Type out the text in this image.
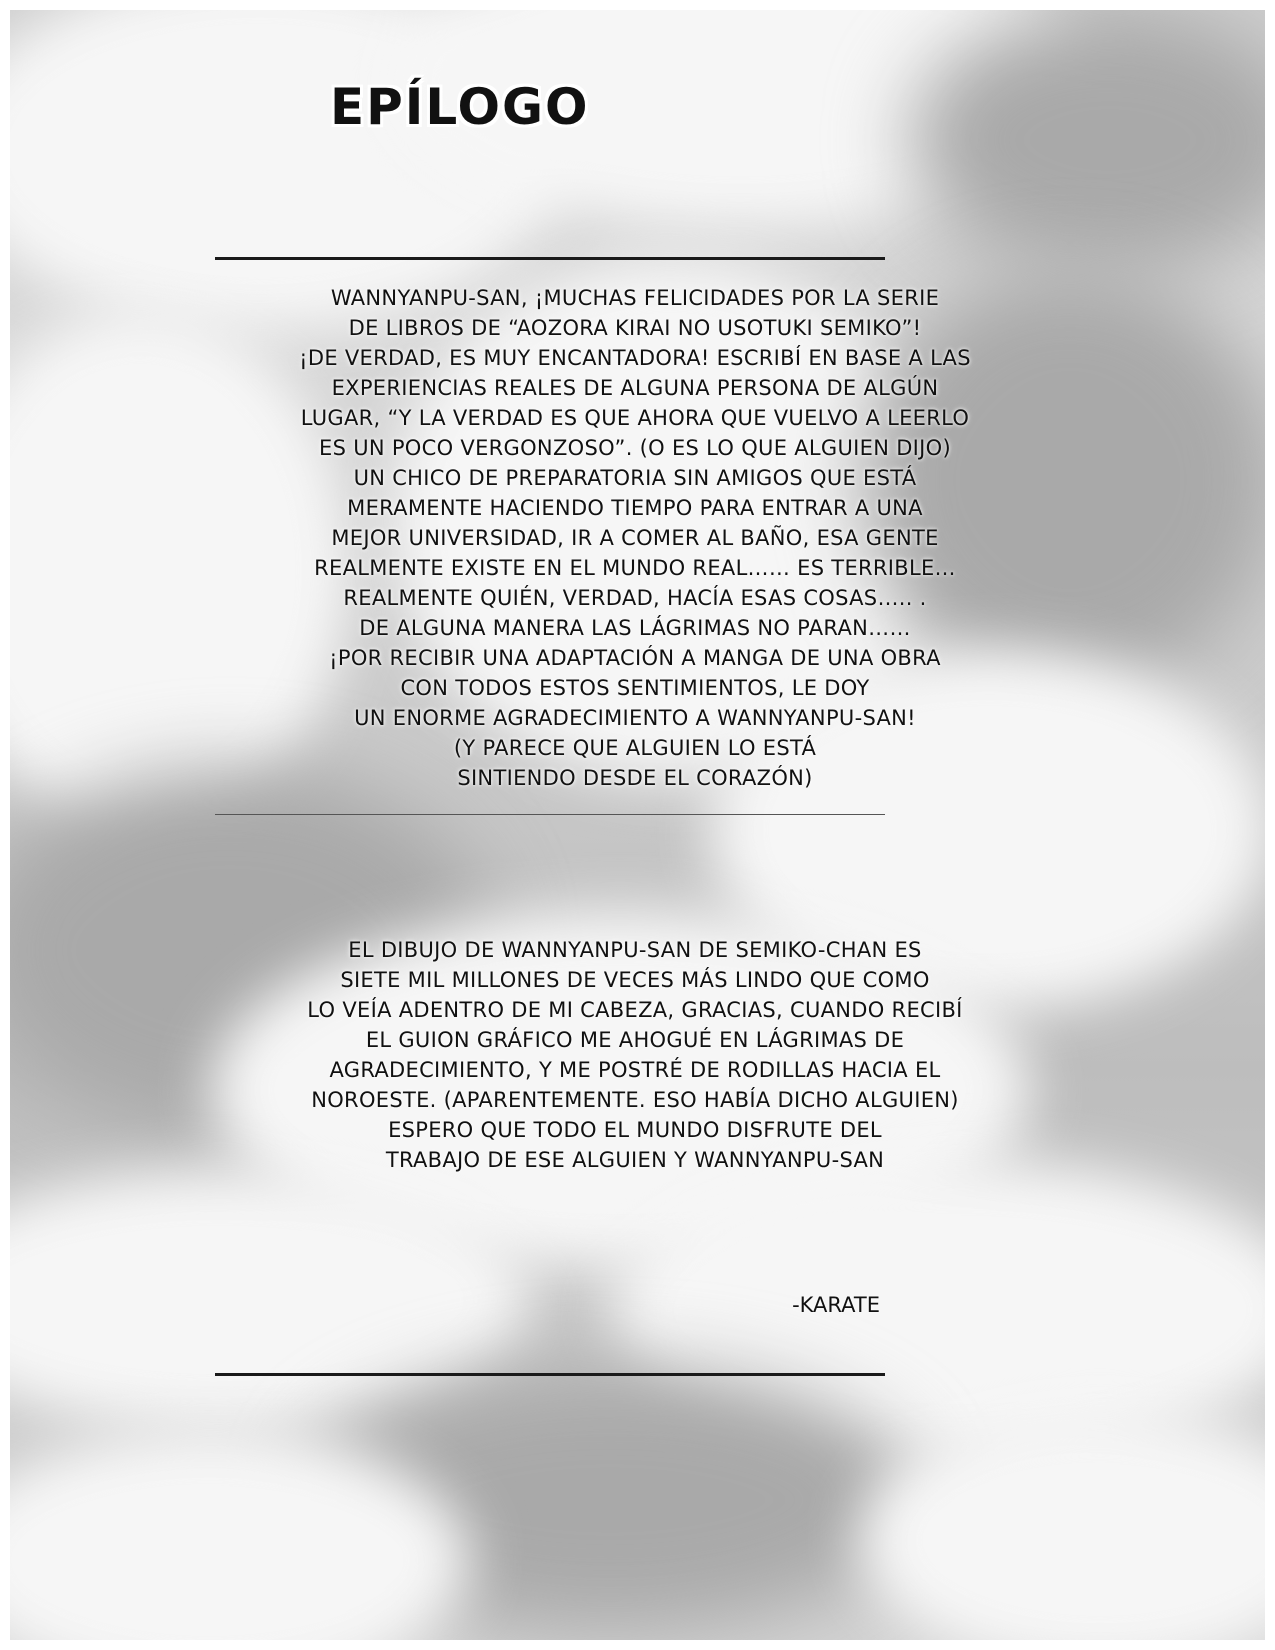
EPÍLOGO
WANNYANPU-SAN, ¡MUCHAS FELICIDADES POR LA SERIE
DE LIBROS DE “AOZORA KIRAI NO USOTUKI SEMIKO”!
¡DE VERDAD, ES MUY ENCANTADORA! ESCRIBÍ EN BASE A LAS
EXPERIENCIAS REALES DE ALGUNA PERSONA DE ALGÚN
LUGAR, “Y LA VERDAD ES QUE AHORA QUE VUELVO A LEERLO
ES UN POCO VERGONZOSO”. (O ES LO QUE ALGUIEN DIJO)
UN CHICO DE PREPARATORIA SIN AMIGOS QUE ESTÁ
MERAMENTE HACIENDO TIEMPO PARA ENTRAR A UNA
MEJOR UNIVERSIDAD, IR A COMER AL BAÑO, ESA GENTE
REALMENTE EXISTE EN EL MUNDO REAL…… ES TERRIBLE…
REALMENTE QUIÉN, VERDAD, HACÍA ESAS COSAS….. .
DE ALGUNA MANERA LAS LÁGRIMAS NO PARAN……
¡POR RECIBIR UNA ADAPTACIÓN A MANGA DE UNA OBRA
CON TODOS ESTOS SENTIMIENTOS, LE DOY
UN ENORME AGRADECIMIENTO A WANNYANPU-SAN!
(Y PARECE QUE ALGUIEN LO ESTÁ
SINTIENDO DESDE EL CORAZÓN)
EL DIBUJO DE WANNYANPU-SAN DE SEMIKO-CHAN ES
SIETE MIL MILLONES DE VECES MÁS LINDO QUE COMO
LO VEÍA ADENTRO DE MI CABEZA, GRACIAS, CUANDO RECIBÍ
EL GUION GRÁFICO ME AHOGUÉ EN LÁGRIMAS DE
AGRADECIMIENTO, Y ME POSTRÉ DE RODILLAS HACIA EL
NOROESTE. (APARENTEMENTE. ESO HABÍA DICHO ALGUIEN)
ESPERO QUE TODO EL MUNDO DISFRUTE DEL
TRABAJO DE ESE ALGUIEN Y WANNYANPU-SAN

-KARATE
